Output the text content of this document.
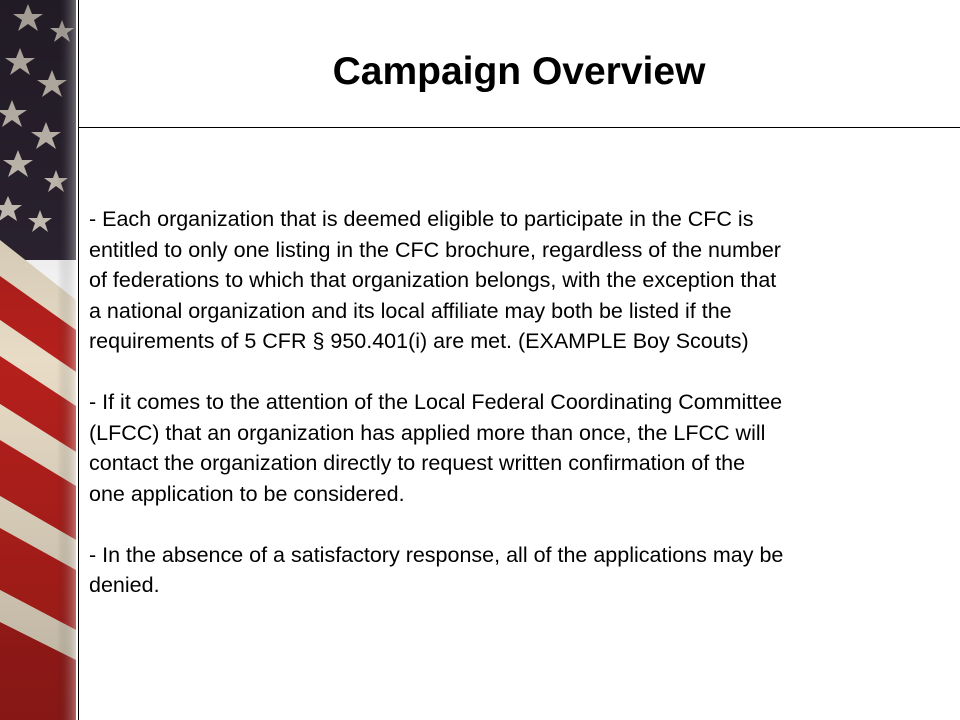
Campaign Overview

- Each organization that is deemed eligible to participate in the CFC is
entitled to only one listing in the CFC brochure, regardless of the number
of federations to which that organization belongs, with the exception that
a national organization and its local affiliate may both be listed if the
requirements of 5 CFR § 950.401(i) are met. (EXAMPLE Boy Scouts)

- If it comes to the attention of the Local Federal Coordinating Committee
(LFCC) that an organization has applied more than once, the LFCC will
contact the organization directly to request written confirmation of the
one application to be considered.

- In the absence of a satisfactory response, all of the applications may be
denied.
